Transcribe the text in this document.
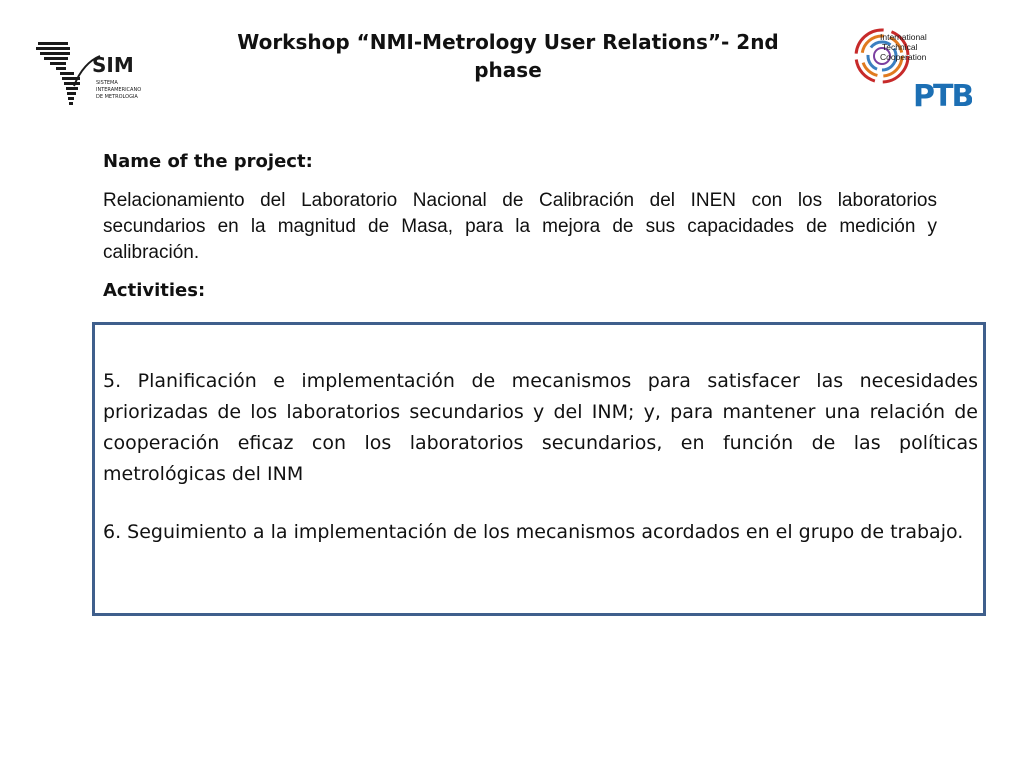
SIM
SISTEMA
INTERAMERICANO
DE METROLOGIA
Workshop “NMI-Metrology User Relations”- 2nd phase
International
Technical
Cooperation
PTB
Name of the project:
Relacionamiento del Laboratorio Nacional de Calibración del INEN con los laboratorios secundarios en la magnitud de Masa, para la mejora de sus capacidades de medición y calibración.
Activities:
5. Planificación e implementación de mecanismos para satisfacer las necesidades priorizadas de los laboratorios secundarios y del INM; y, para mantener una relación de cooperación eficaz con los laboratorios secundarios, en función de las políticas metrológicas del INM
6. Seguimiento a la implementación de los mecanismos acordados en el grupo de trabajo.
